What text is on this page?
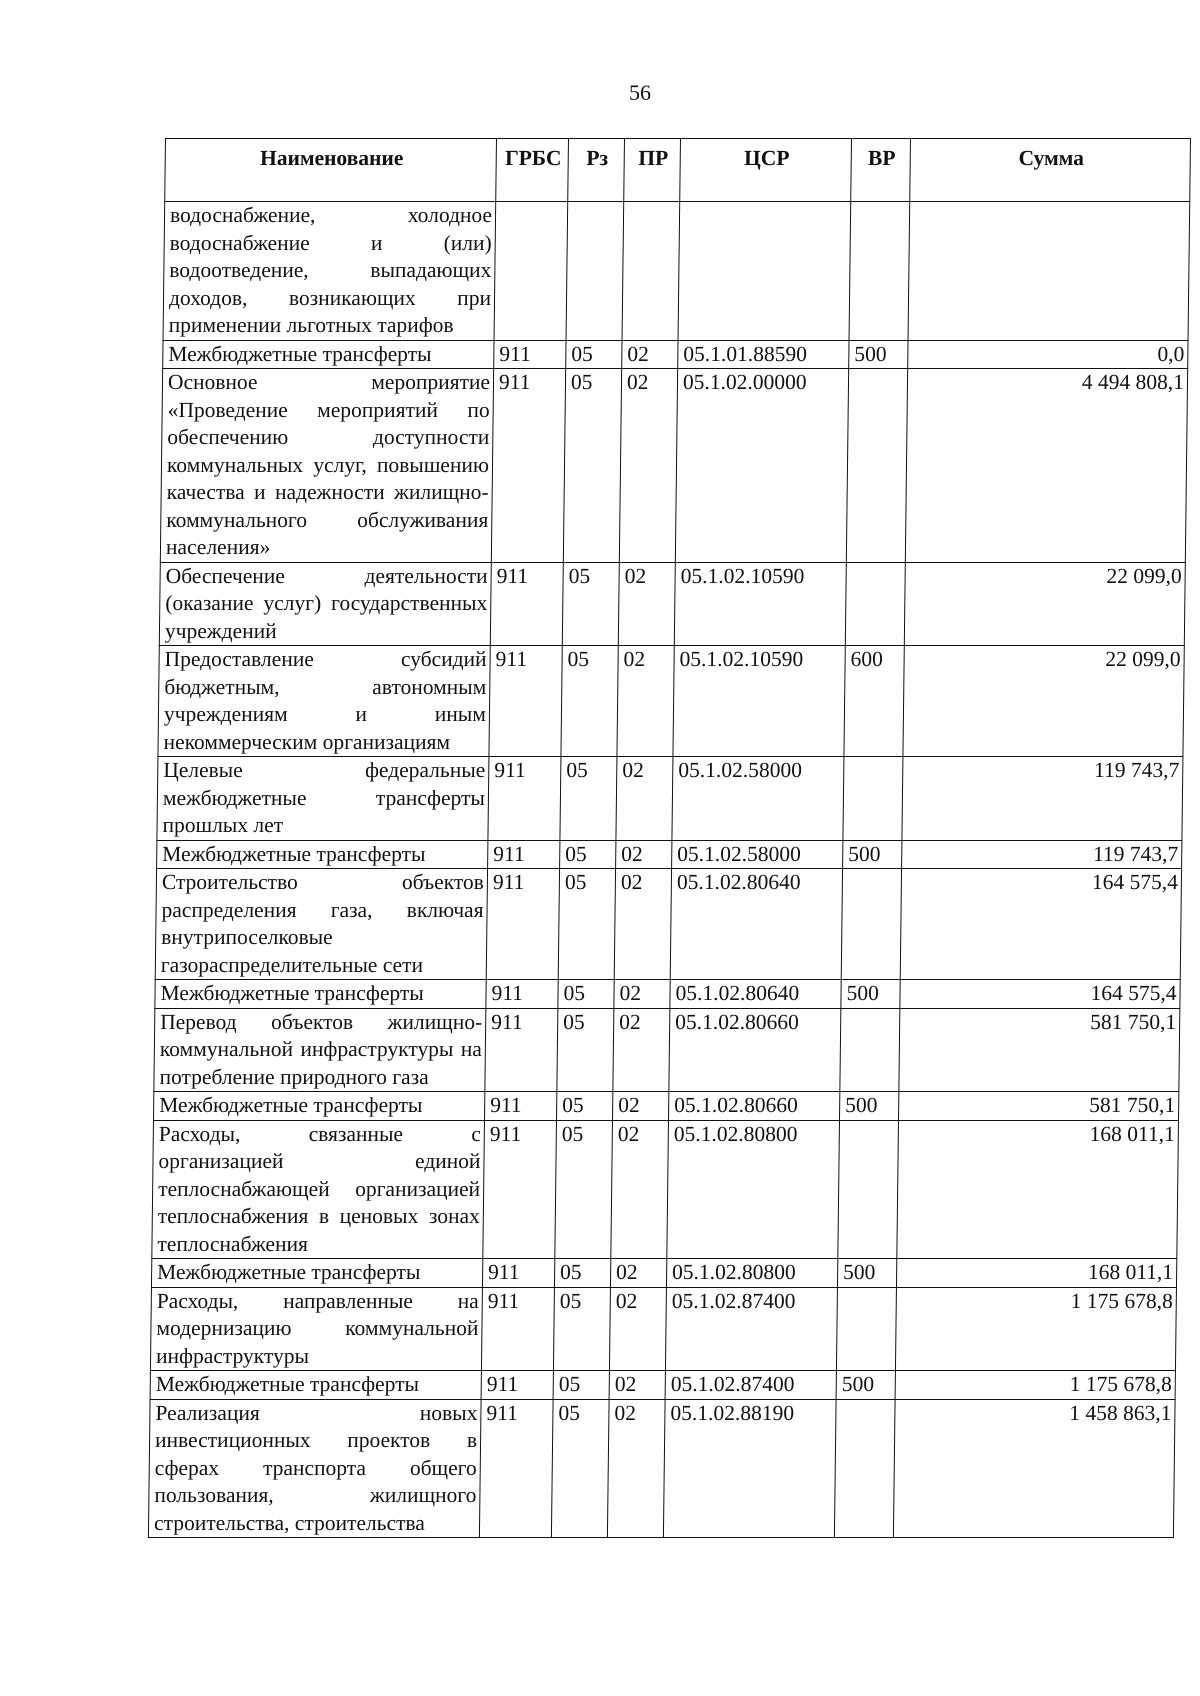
56
Наименование	ГРБС	Рз	ПР	ЦСР	ВР	Сумма
водоснабжение, холодное водоснабжение и (или) водоотведение, выпадающих доходов, возникающих при применении льготных тарифов						
Межбюджетные трансферты	911	05	02	05.1.01.88590	500	0,0
Основное мероприятие «Проведение мероприятий по обеспечению доступности коммунальных услуг, повышению качества и надежности жилищно-коммунального обслуживания населения»	911	05	02	05.1.02.00000		4 494 808,1
Обеспечение деятельности (оказание услуг) государственных учреждений	911	05	02	05.1.02.10590		22 099,0
Предоставление субсидий бюджетным, автономным учреждениям и иным некоммерческим организациям	911	05	02	05.1.02.10590	600	22 099,0
Целевые федеральные межбюджетные трансферты прошлых лет	911	05	02	05.1.02.58000		119 743,7
Межбюджетные трансферты	911	05	02	05.1.02.58000	500	119 743,7
Строительство объектов распределения газа, включая внутрипоселковые газораспределительные сети	911	05	02	05.1.02.80640		164 575,4
Межбюджетные трансферты	911	05	02	05.1.02.80640	500	164 575,4
Перевод объектов жилищно-коммунальной инфраструктуры на потребление природного газа	911	05	02	05.1.02.80660		581 750,1
Межбюджетные трансферты	911	05	02	05.1.02.80660	500	581 750,1
Расходы, связанные с организацией единой теплоснабжающей организацией теплоснабжения в ценовых зонах теплоснабжения	911	05	02	05.1.02.80800		168 011,1
Межбюджетные трансферты	911	05	02	05.1.02.80800	500	168 011,1
Расходы, направленные на модернизацию коммунальной инфраструктуры	911	05	02	05.1.02.87400		1 175 678,8
Межбюджетные трансферты	911	05	02	05.1.02.87400	500	1 175 678,8
Реализация новых инвестиционных проектов в сферах транспорта общего пользования, жилищного строительства, строительства	911	05	02	05.1.02.88190		1 458 863,1
